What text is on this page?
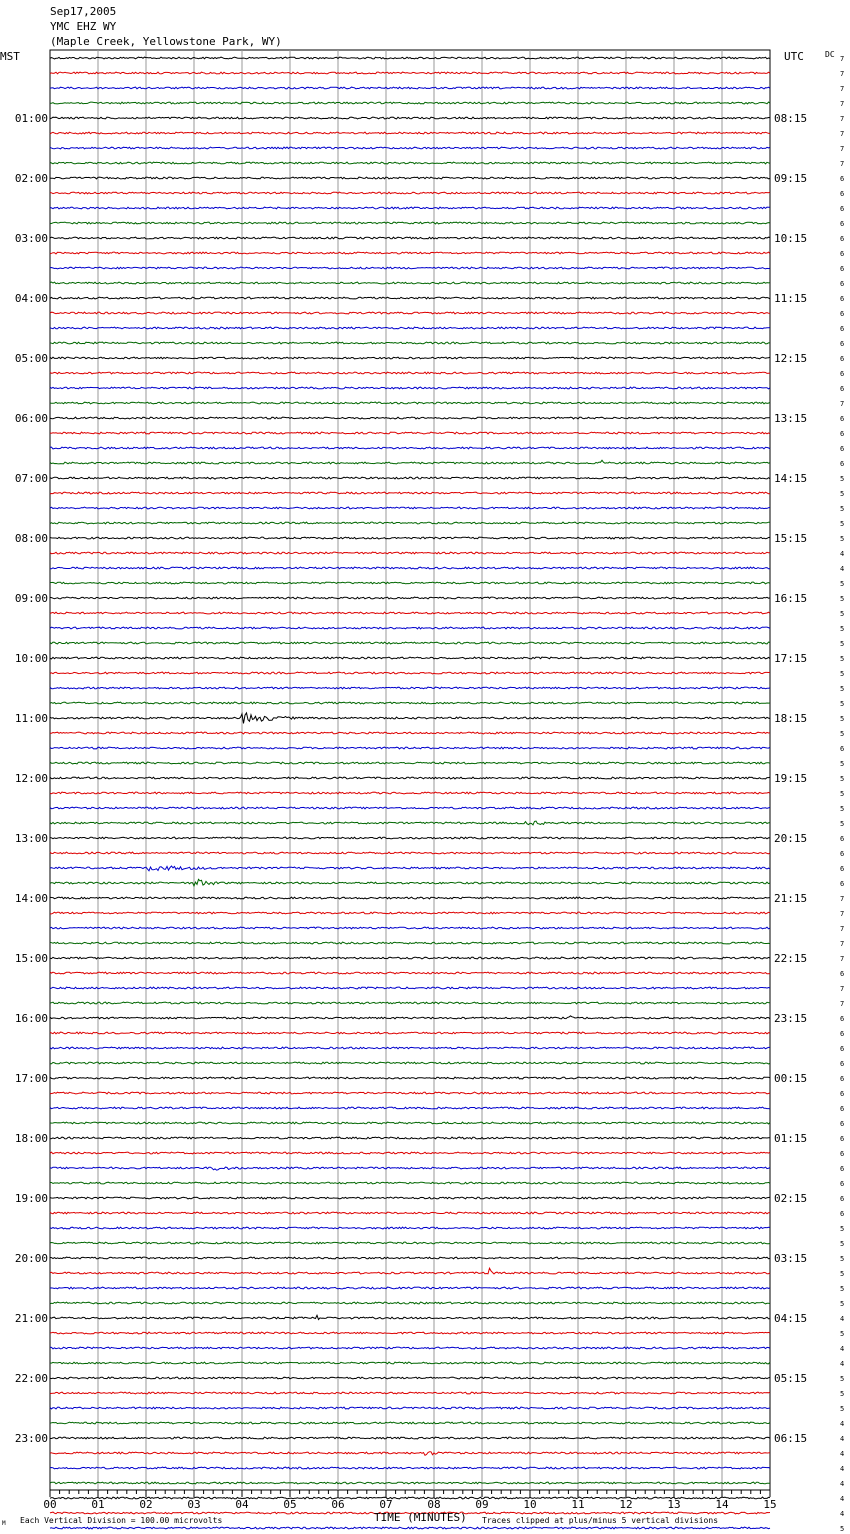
Sep17,2005
YMC EHZ WY
(Maple Creek, Yellowstone Park, WY)
MST	UTC	DC 7
7
7
7
7
01:00	08:15
7
7
7
6
02:00	09:15
6
6
6
6
03:00	10:15
6
6
6
6
04:00	11:15
6
6
6
6
05:00	12:15
6
6
7
6
06:00	13:15
6
6
6
5
07:00	14:15
5
5
5
5
08:00	15:15
4
4
5
5
09:00	16:15
5
5
5
5
10:00	17:15
5
5
5
5
11:00	18:15
5
6
5
5
12:00	19:15
5
5
5
6
13:00	20:15
6
6
6
7
14:00	21:15
7
7
7
7
15:00	22:15
6
7
7
6
16:00	23:15
6
6
6
6
17:00	00:15
6
6
6
6
18:00	01:15
6
6
6
6
19:00	02:15
6
5
5
5
20:00	03:15
5
5
5
4
21:00	04:15
5
4
4
5
22:00	05:15
5
5
4
4
23:00	06:15
4
4
4
4
4
5
00	01	02	03	04	05	06	07	08	09	10	11	12	13	14	15
TIME (MINUTES)
Each Vertical Division = 100.00 microvolts	Traces clipped at plus/minus 5 vertical divisions
M
